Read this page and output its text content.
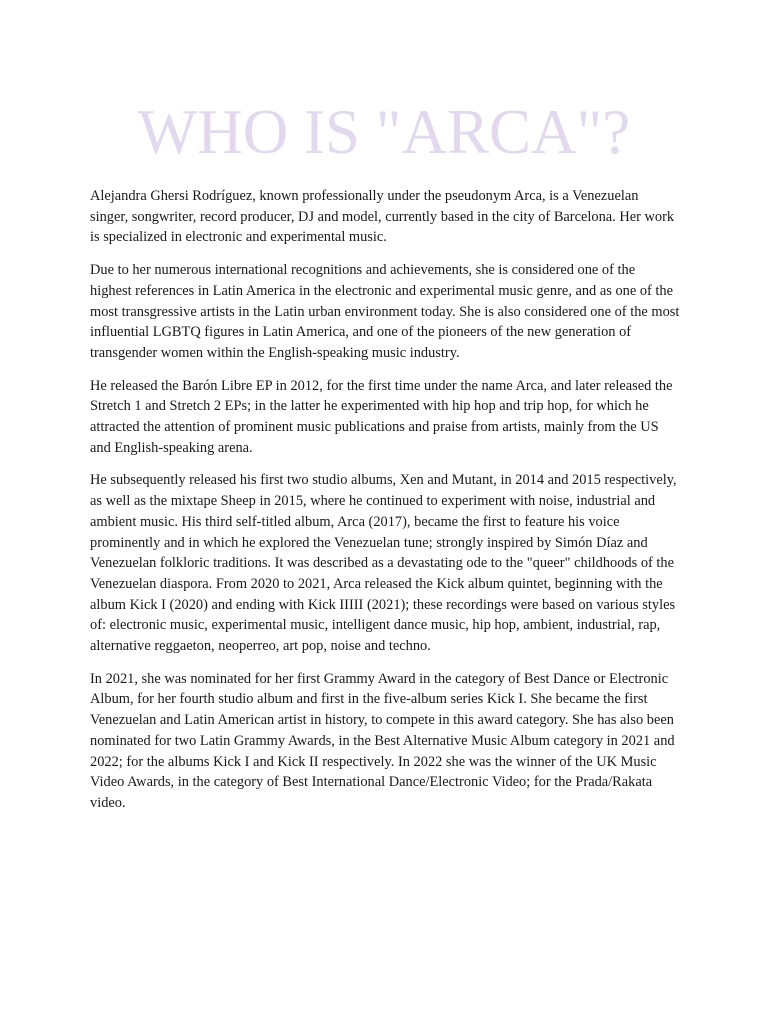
WHO IS "ARCA"?

Alejandra Ghersi Rodríguez, known professionally under the pseudonym Arca, is a Venezuelan singer, songwriter, record producer, DJ and model, currently based in the city of Barcelona. Her work is specialized in electronic and experimental music.

Due to her numerous international recognitions and achievements, she is considered one of the highest references in Latin America in the electronic and experimental music genre, and as one of the most transgressive artists in the Latin urban environment today. She is also considered one of the most influential LGBTQ figures in Latin America, and one of the pioneers of the new generation of transgender women within the English-speaking music industry.

He released the Barón Libre EP in 2012, for the first time under the name Arca, and later released the Stretch 1 and Stretch 2 EPs; in the latter he experimented with hip hop and trip hop, for which he attracted the attention of prominent music publications and praise from artists, mainly from the US and English-speaking arena.

He subsequently released his first two studio albums, Xen and Mutant, in 2014 and 2015 respectively, as well as the mixtape Sheep in 2015, where he continued to experiment with noise, industrial and ambient music. His third self-titled album, Arca (2017), became the first to feature his voice prominently and in which he explored the Venezuelan tune; strongly inspired by Simón Díaz and Venezuelan folkloric traditions. It was described as a devastating ode to the "queer" childhoods of the Venezuelan diaspora. From 2020 to 2021, Arca released the Kick album quintet, beginning with the album Kick I (2020) and ending with Kick IIIII (2021); these recordings were based on various styles of: electronic music, experimental music, intelligent dance music, hip hop, ambient, industrial, rap, alternative reggaeton, neoperreo, art pop, noise and techno.

In 2021, she was nominated for her first Grammy Award in the category of Best Dance or Electronic Album, for her fourth studio album and first in the five-album series Kick I. She became the first Venezuelan and Latin American artist in history, to compete in this award category. She has also been nominated for two Latin Grammy Awards, in the Best Alternative Music Album category in 2021 and 2022; for the albums Kick I and Kick II respectively. In 2022 she was the winner of the UK Music Video Awards, in the category of Best International Dance/Electronic Video; for the Prada/Rakata video.
